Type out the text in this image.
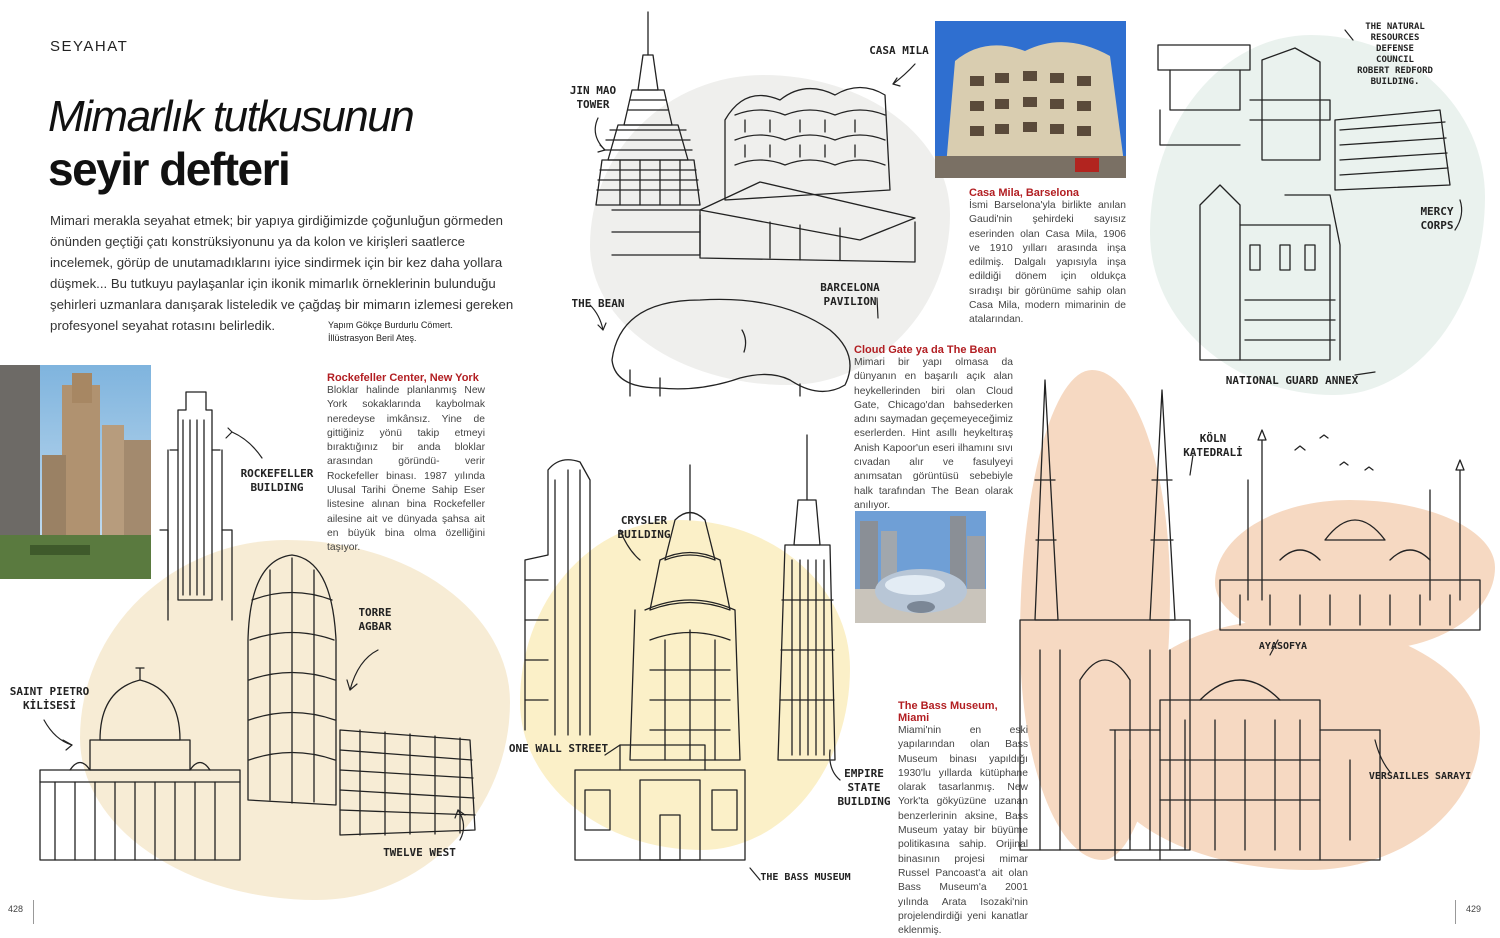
SEYAHAT
Mimarlık tutkusunun
seyir defteri
Mimari merakla seyahat etmek; bir yapıya girdiğimizde çoğunluğun görmeden önünden geçtiği çatı konstrüksiyonunu ya da kolon ve kirişleri saatlerce incelemek, görüp de unutamadıklarını iyice sindirmek için bir kez daha yollara düşmek... Bu tutkuyu paylaşanlar için ikonik mimarlık örneklerinin bulunduğu şehirleri uzmanlara danışarak listeledik ve çağdaş bir mimarın izlemesi gereken profesyonel seyahat rotasını belirledik.	Yapım Gökçe Burdurlu Cömert.
İllüstrasyon Beril Ateş.
Rockefeller Center, New York

Bloklar halinde planlanmış New York sokaklarında kaybolmak neredeyse imkânsız. Yine de gittiğiniz yönü takip etmeyi bıraktığınız bir anda bloklar arasından göründü- verir Rockefeller binası. 1987 yılında Ulusal Tarihi Öneme Sahip Eser listesine alınan bina Rockefeller ailesine ait ve dünyada şahsa ait en büyük bina olma özelliğini taşıyor.

Casa Mila, Barselona

İsmi Barselona'yla birlikte anılan Gaudi'nin şehirdeki sayısız eserinden olan Casa Mila, 1906 ve 1910 yılları arasında inşa edilmiş. Dalgalı yapısıyla inşa edildiği dönem için oldukça sıradışı bir görünüme sahip olan Casa Mila, modern mimarinin de atalarından.

Cloud Gate ya da The Bean

Mimari bir yapı olmasa da dünyanın en başarılı açık alan heykellerinden biri olan Cloud Gate, Chicago'dan bahsederken adını saymadan geçemeyeceğimiz eserlerden. Hint asıllı heykeltıraş Anish Kapoor'un eseri ilhamını sıvı cıvadan alır ve fasulyeyi anımsatan görüntüsü sebebiyle halk tarafından The Bean olarak anılıyor.

The Bass Museum, Miami

Miami'nin en eski yapılarından olan Bass Museum binası yapıldığı 1930'lu yıllarda kütüphane olarak tasarlanmış. New York'ta gökyüzüne uzanan benzerlerinin aksine, Bass Museum yatay bir büyüme politikasına sahip. Orijinal binasının projesi mimar Russel Pancoast'a ait olan Bass Museum'a 2001 yılında Arata Isozaki'nin projelendirdiği yeni kanatlar eklenmiş.

JIN MAO
TOWER
CASA MILA
THE NATURAL
RESOURCES
DEFENSE
COUNCIL
ROBERT REDFORD
BUILDING.
MERCY
CORPS
THE BEAN
BARCELONA
PAVILION
NATIONAL GUARD ANNEX
ROCKEFELLER
BUILDING
TORRE
AGBAR
SAINT PIETRO
KİLİSESİ
TWELVE WEST
CRYSLER
BUILDING
ONE WALL STREET
EMPIRE
STATE
BUILDING
THE BASS MUSEUM
KÖLN
KATEDRALİ
AYASOFYA
VERSAILLES SARAYI
428	429
